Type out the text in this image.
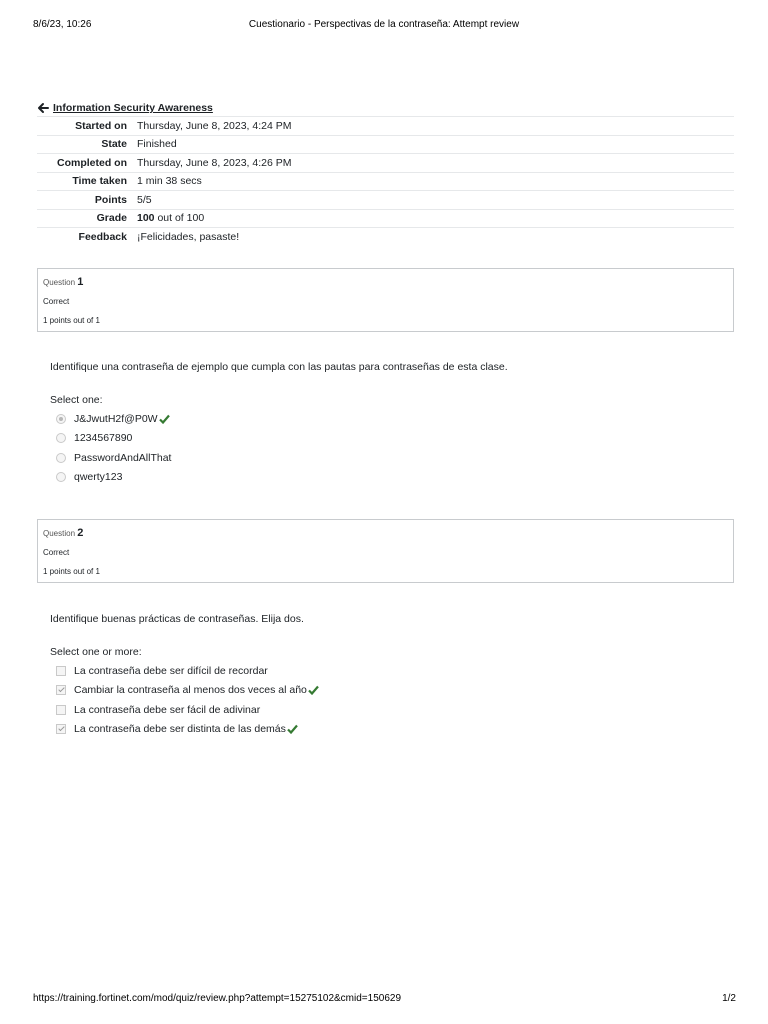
8/6/23, 10:26	Cuestionario - Perspectivas de la contraseña: Attempt review
Information Security Awareness
Started on Thursday, June 8, 2023, 4:24 PM
State Finished
Completed on Thursday, June 8, 2023, 4:26 PM
Time taken 1 min 38 secs
Points 5/5
Grade 100 out of 100
Feedback ¡Felicidades, pasaste!
Question 1
Correct
1 points out of 1
Identifique una contraseña de ejemplo que cumpla con las pautas para contraseñas de esta clase.
Select one:
J&JwutH2f@P0W
1234567890
PasswordAndAllThat
qwerty123
Question 2
Correct
1 points out of 1
Identifique buenas prácticas de contraseñas. Elija dos.
Select one or more:
La contraseña debe ser difícil de recordar
Cambiar la contraseña al menos dos veces al año
La contraseña debe ser fácil de adivinar
La contraseña debe ser distinta de las demás
https://training.fortinet.com/mod/quiz/review.php?attempt=15275102&cmid=150629	1/2
